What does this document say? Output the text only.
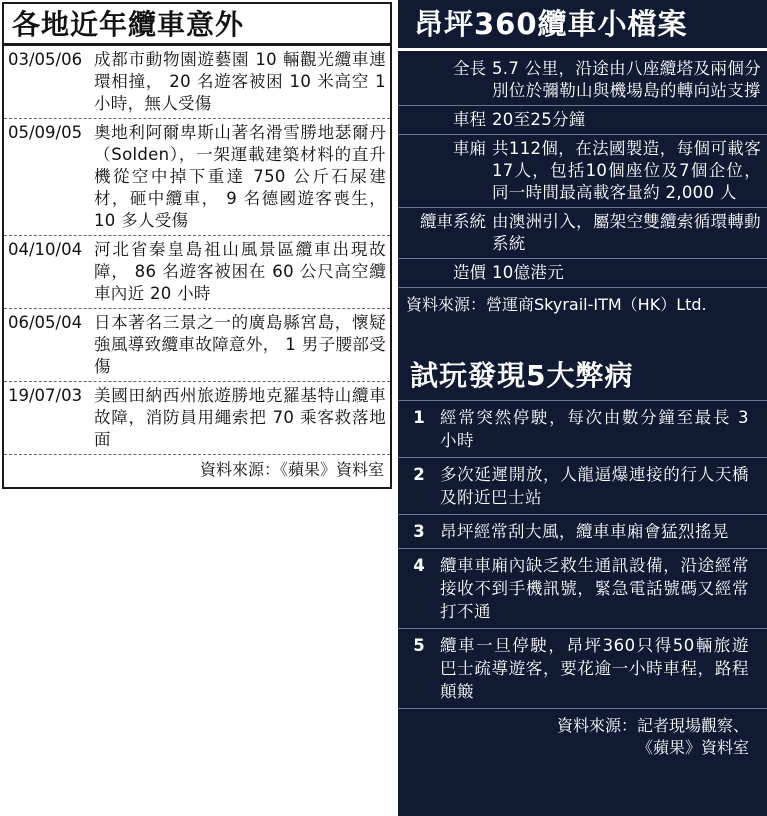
各地近年纜車意外
03/05/06 成都市動物園遊藝園 10 輛觀光纜車連環相撞， 20 名遊客被困 10 米高空 1 小時，無人受傷
05/09/05 奧地利阿爾卑斯山著名滑雪勝地瑟爾丹（Solden），一架運載建築材料的直升機從空中掉下重達 750 公斤石屎建材，砸中纜車， 9 名德國遊客喪生， 10 多人受傷
04/10/04 河北省秦皇島祖山風景區纜車出現故障， 86 名遊客被困在 60 公尺高空纜車內近 20 小時
06/05/04 日本著名三景之一的廣島縣宮島，懷疑強風導致纜車故障意外， 1 男子腰部受傷
19/07/03 美國田納西州旅遊勝地克羅基特山纜車故障，消防員用繩索把 70 乘客救落地面
資料來源：《蘋果》資料室
昂坪360纜車小檔案
全長 5.7 公里，沿途由八座纜塔及兩個分別位於彌勒山與機場島的轉向站支撐
車程 20至25分鐘
車廂 共112個，在法國製造，每個可載客17人，包括10個座位及7個企位，同一時間最高載客量約 2,000 人
纜車系統 由澳洲引入，屬架空雙纜索循環轉動系統
造價 10億港元
資料來源：營運商Skyrail-ITM（HK）Ltd.
試玩發現5大弊病
1 經常突然停駛，每次由數分鐘至最長 3 小時
2 多次延遲開放，人龍逼爆連接的行人天橋及附近巴士站
3 昂坪經常刮大風，纜車車廂會猛烈搖晃
4 纜車車廂內缺乏救生通訊設備，沿途經常接收不到手機訊號，緊急電話號碼又經常打不通
5 纜車一旦停駛，昂坪360只得50輛旅遊巴士疏導遊客，要花逾一小時車程，路程顛簸
資料來源：記者現場觀察、
《蘋果》資料室
